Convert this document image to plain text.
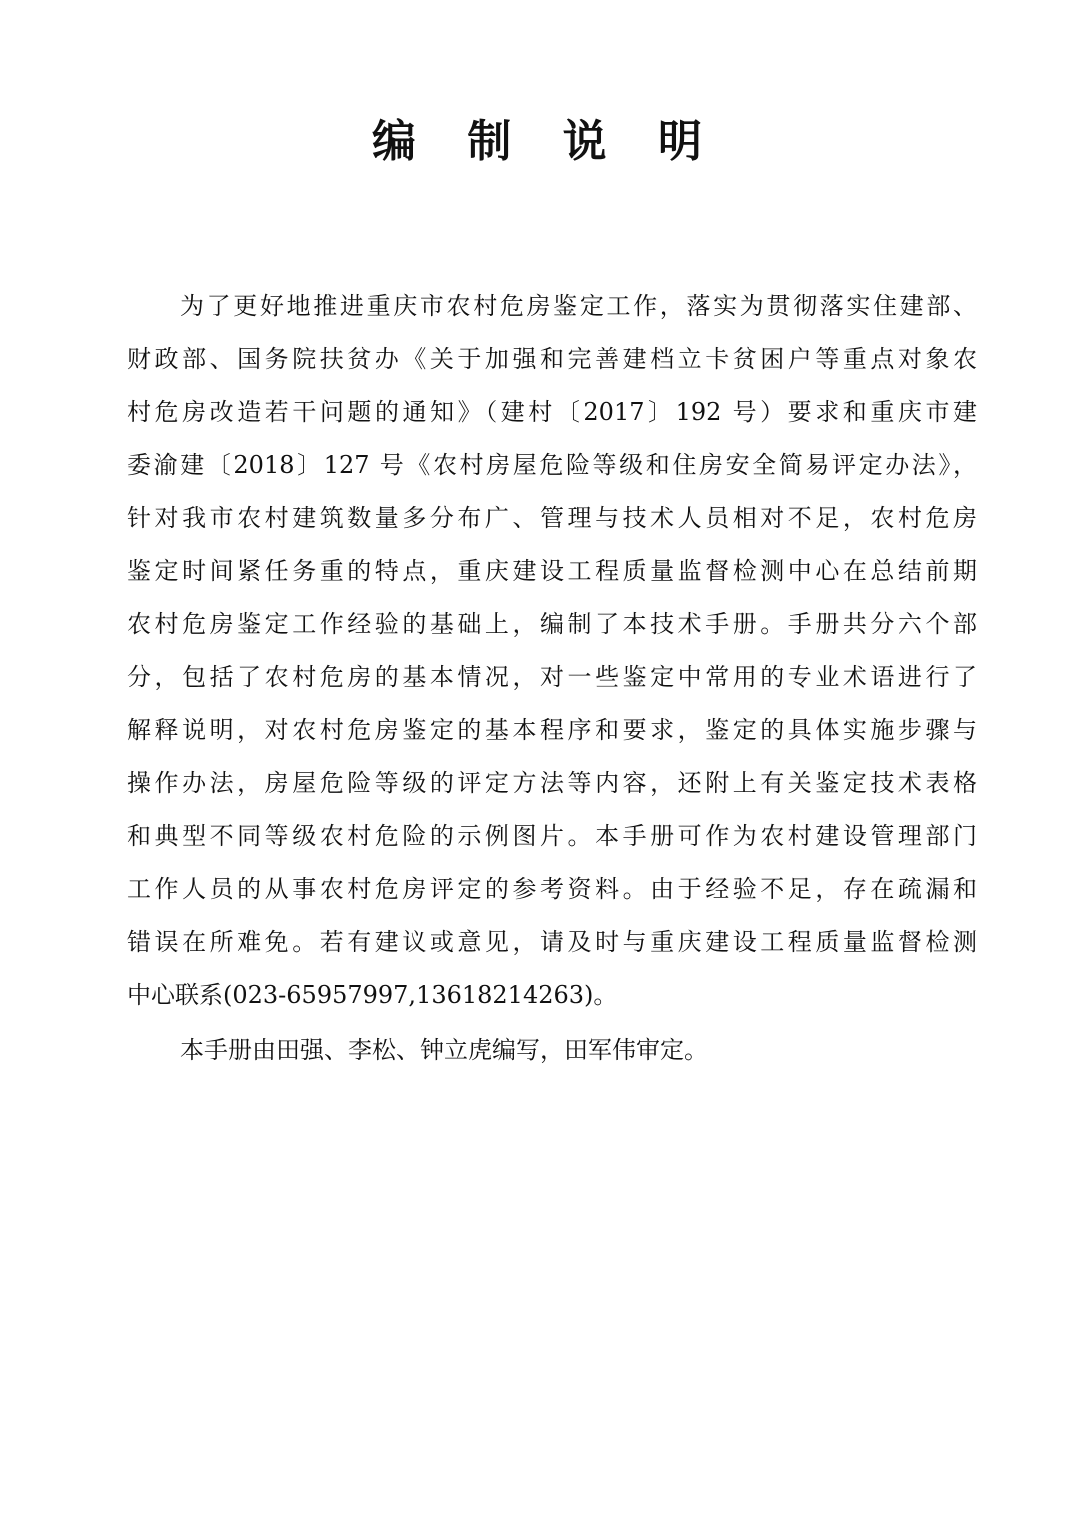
编 制 说 明
为了更好地推进重庆市农村危房鉴定工作，落实为贯彻落实住建部、
财政部、国务院扶贫办《关于加强和完善建档立卡贫困户等重点对象农
村危房改造若干问题的通知》（建村〔2017〕192 号）要求和重庆市建
委渝建〔2018〕127 号《农村房屋危险等级和住房安全简易评定办法》，
针对我市农村建筑数量多分布广、管理与技术人员相对不足，农村危房
鉴定时间紧任务重的特点，重庆建设工程质量监督检测中心在总结前期
农村危房鉴定工作经验的基础上，编制了本技术手册。手册共分六个部
分，包括了农村危房的基本情况，对一些鉴定中常用的专业术语进行了
解释说明，对农村危房鉴定的基本程序和要求，鉴定的具体实施步骤与
操作办法，房屋危险等级的评定方法等内容，还附上有关鉴定技术表格
和典型不同等级农村危险的示例图片。本手册可作为农村建设管理部门
工作人员的从事农村危房评定的参考资料。由于经验不足，存在疏漏和
错误在所难免。若有建议或意见，请及时与重庆建设工程质量监督检测
中心联系(023-65957997,13618214263)。
本手册由田强、李松、钟立虎编写，田军伟审定。
